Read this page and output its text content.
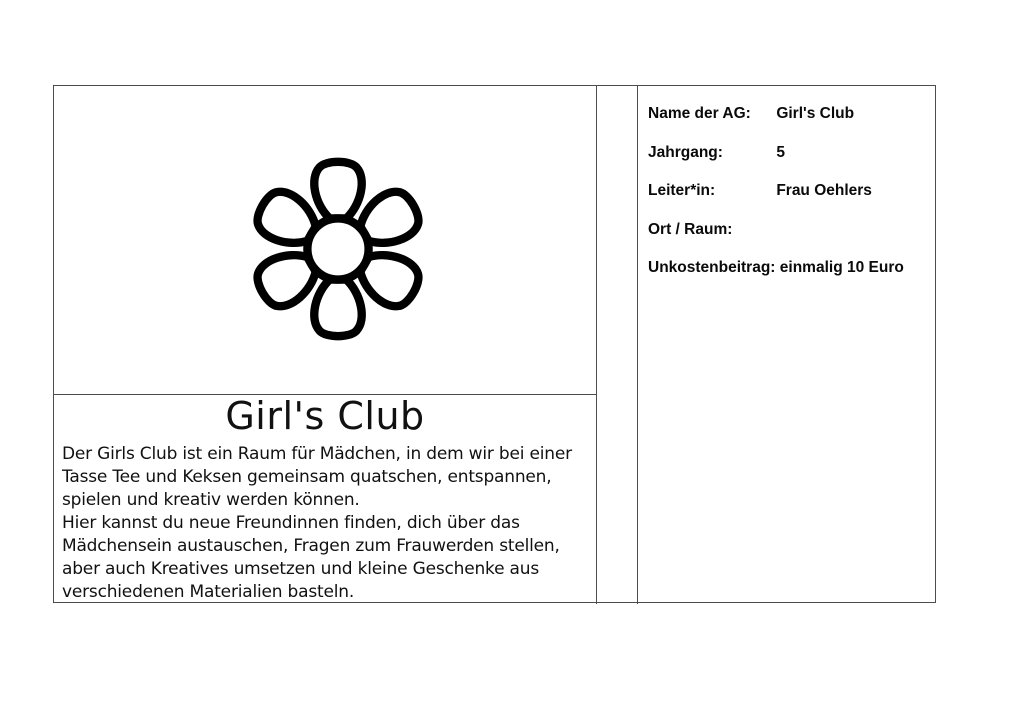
Girl's Club

Der Girls Club ist ein Raum für Mädchen, in dem wir bei einer Tasse Tee und Keksen gemeinsam quatschen, entspannen, spielen und kreativ werden können.

Hier kannst du neue Freundinnen finden, dich über das Mädchensein austauschen, Fragen zum Frauwerden stellen, aber auch Kreatives umsetzen und kleine Geschenke aus verschiedenen Materialien basteln.

Name der AG: Girl's Club
Jahrgang:	5
Leiter*in:	Frau Oehlers
Ort / Raum:
Unkostenbeitrag: einmalig 10 Euro
